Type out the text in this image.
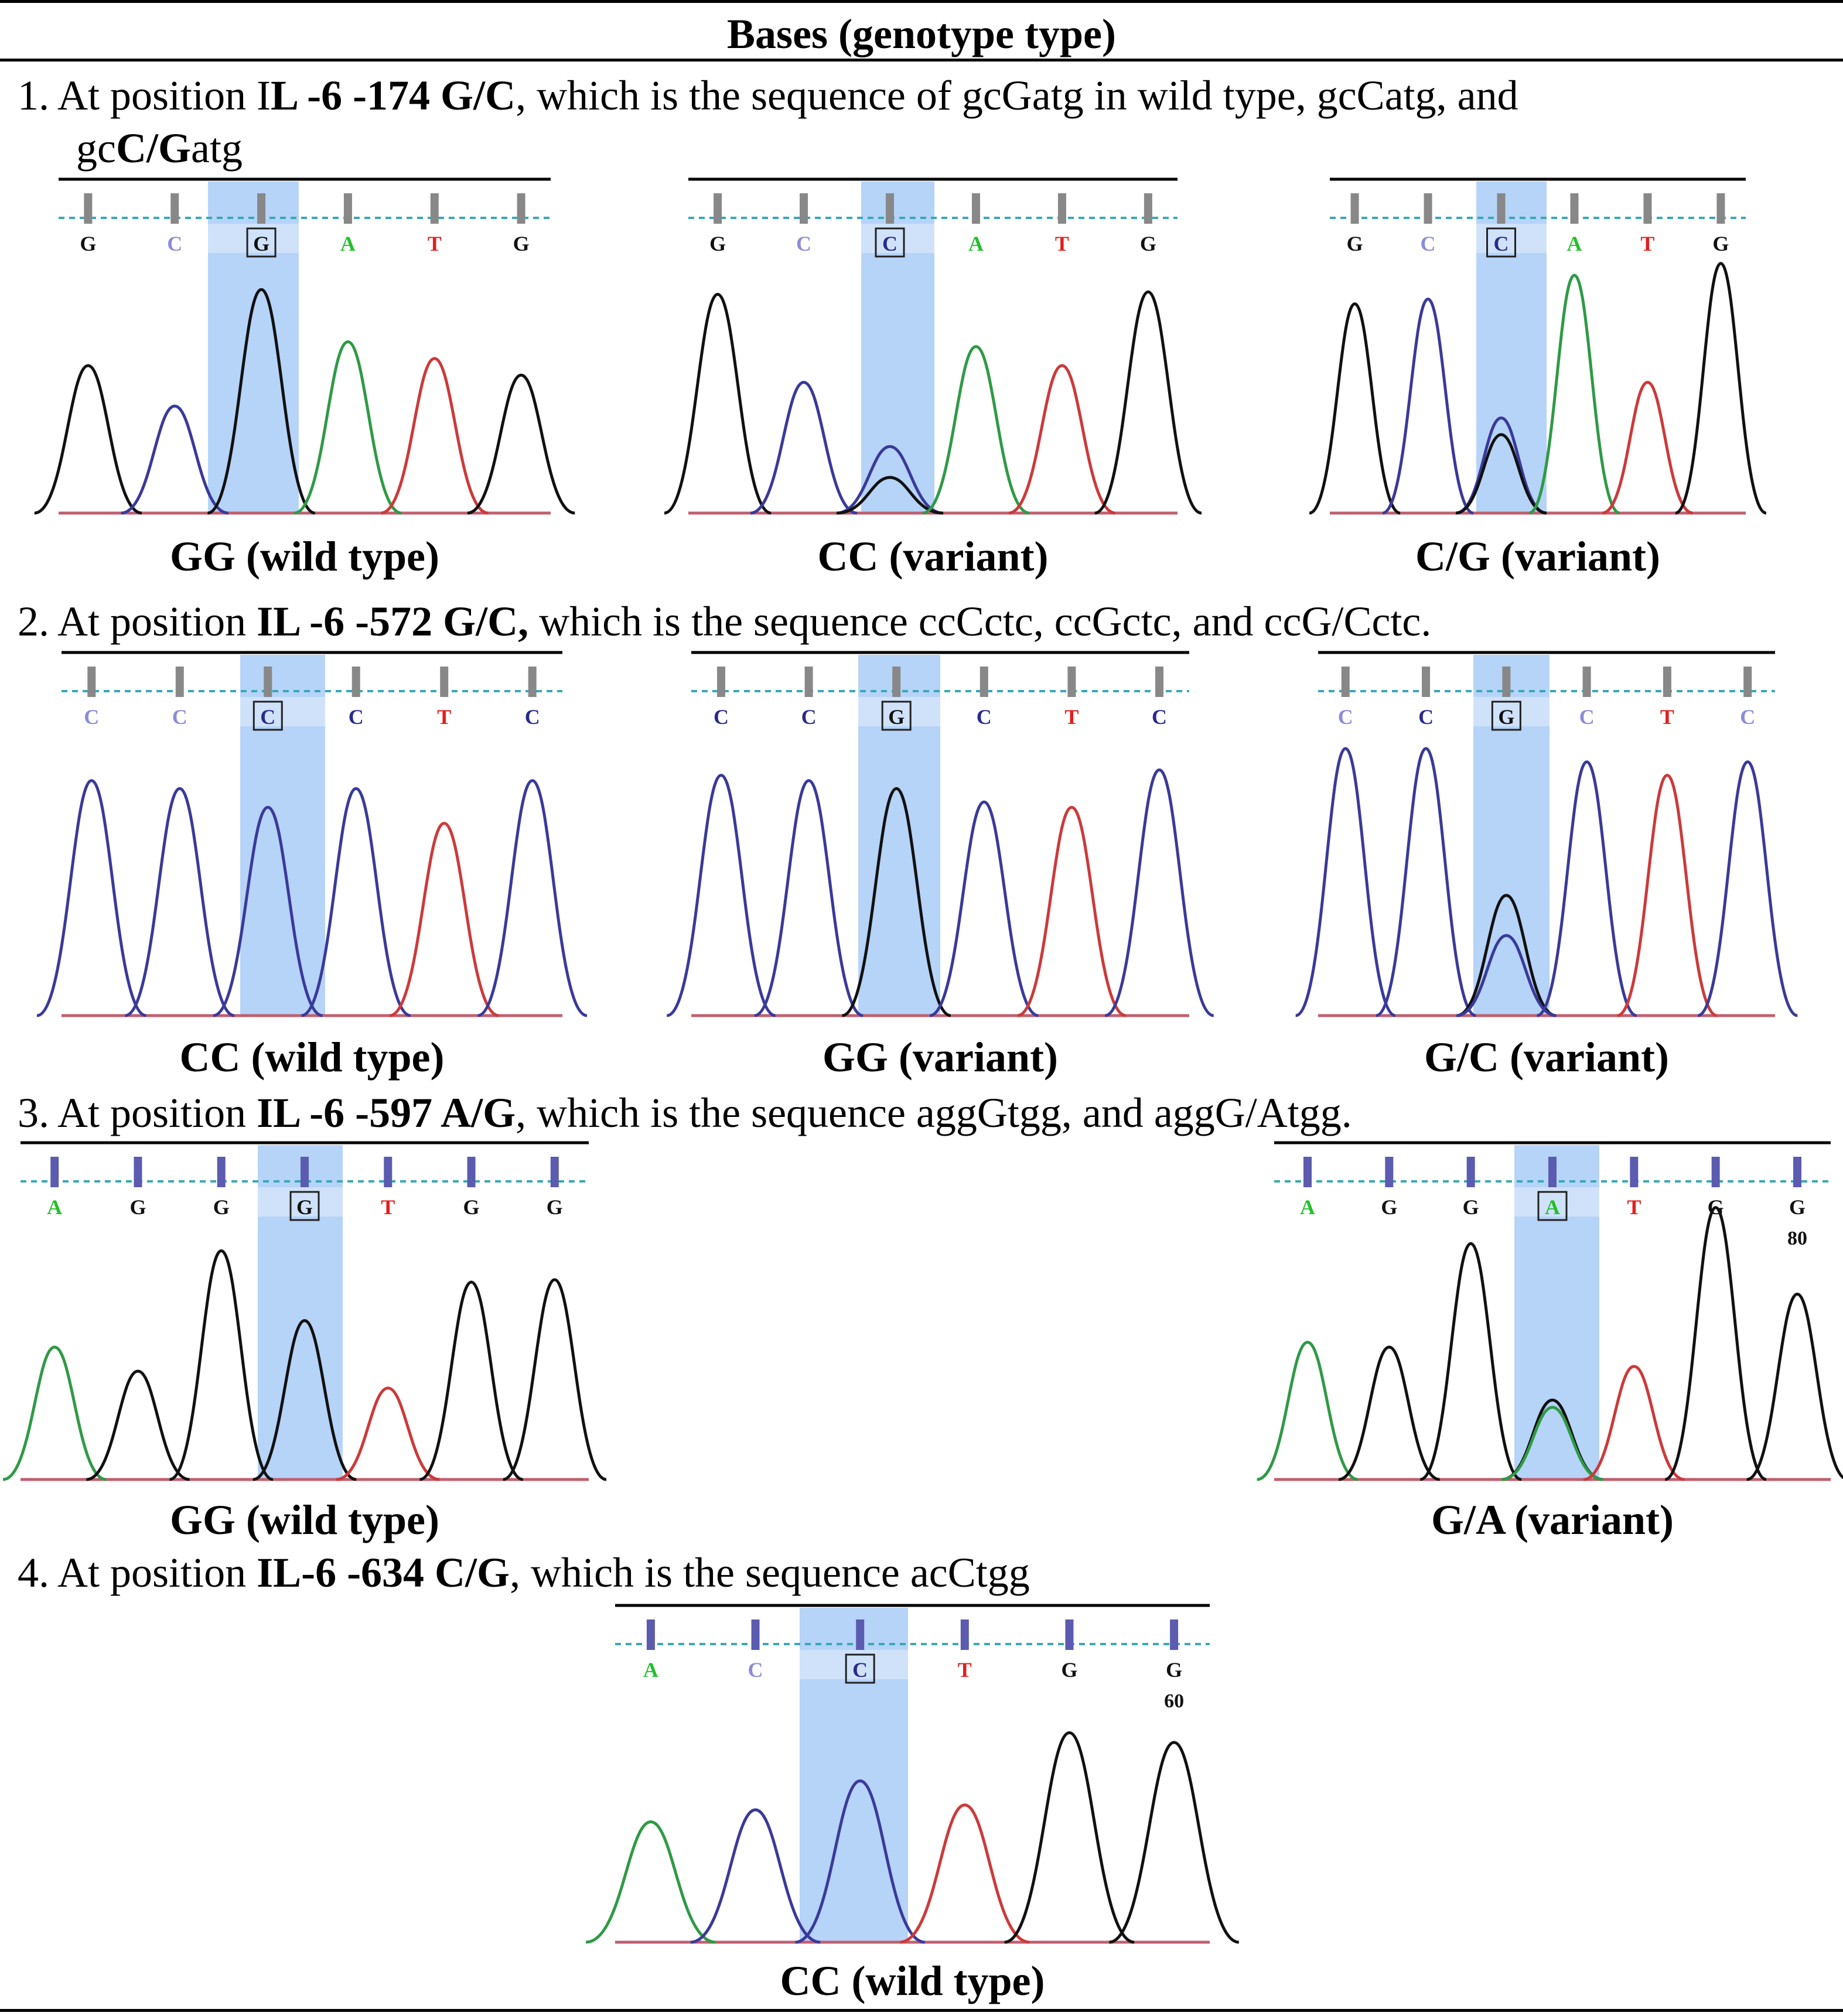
Bases (genotype type)
1. At position IL -6 -174 G/C, which is the sequence of gcGatg in wild type, gcCatg, and
gcC/Gatg
G	C	G	A	T	G
GG (wild type)
G	C	C	A	T	G
CC (variant)
G	C	C	A	T	G
C/G (variant)
2. At position IL -6 -572 G/C, which is the sequence ccCctc, ccGctc, and ccG/Cctc.
C	C	C	C	T	C
CC (wild type)
C	C	G	C	T	C
GG (variant)
C	C	G	C	T	C
G/C (variant)
3. At position IL -6 -597 A/G, which is the sequence aggGtgg, and aggG/Atgg.
A	G	G	G	T	G	G
GG (wild type)
A	G	G	A	T	G	G
80
G/A (variant)
4. At position IL-6 -634 C/G, which is the sequence acCtgg
A	C	C	T	G	G
60
CC (wild type)
